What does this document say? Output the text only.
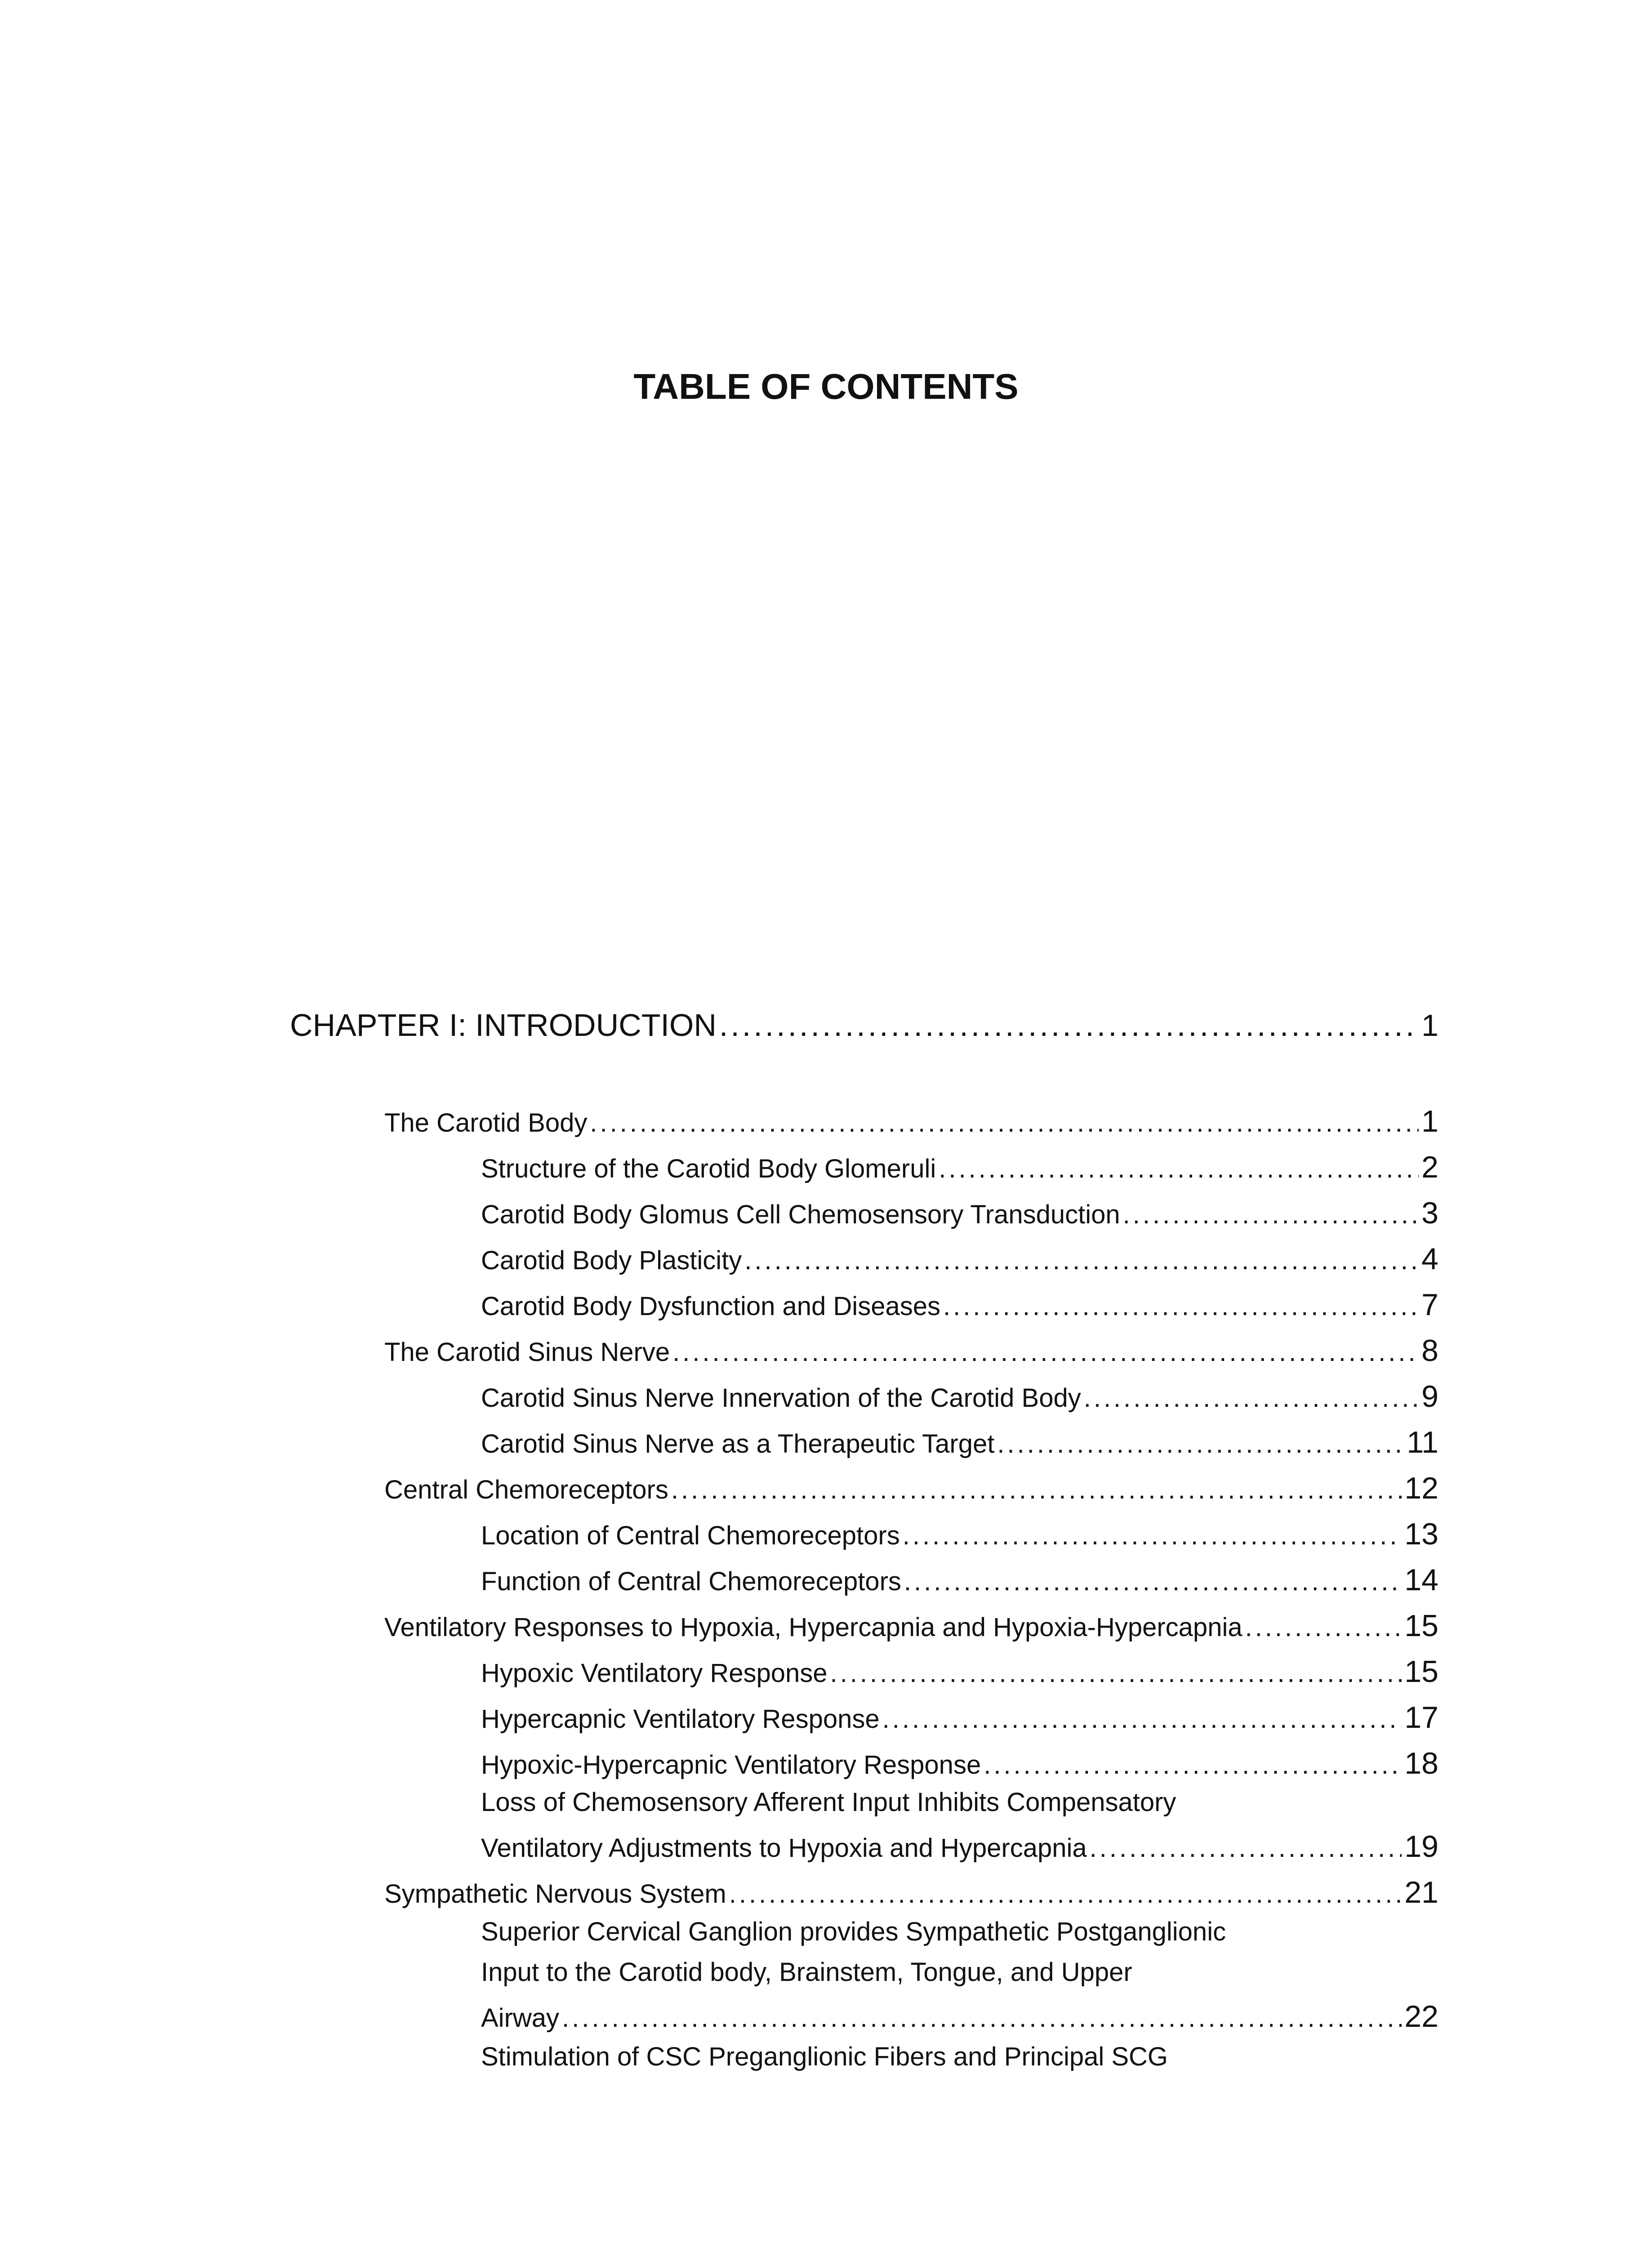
TABLE OF CONTENTS
CHAPTER I: INTRODUCTION .....	1
The Carotid Body .....	1
Structure of the Carotid Body Glomeruli .....	2
Carotid Body Glomus Cell Chemosensory Transduction .....	3
Carotid Body Plasticity .....	4
Carotid Body Dysfunction and Diseases .....	7
The Carotid Sinus Nerve .....	8
Carotid Sinus Nerve Innervation of the Carotid Body .....	9
Carotid Sinus Nerve as a Therapeutic Target .....	11
Central Chemoreceptors .....	12
Location of Central Chemoreceptors .....	13
Function of Central Chemoreceptors .....	14
Ventilatory Responses to Hypoxia, Hypercapnia and Hypoxia-Hypercapnia .....	15
Hypoxic Ventilatory Response .....	15
Hypercapnic Ventilatory Response .....	17
Hypoxic-Hypercapnic Ventilatory Response .....	18
Loss of Chemosensory Afferent Input Inhibits Compensatory
Ventilatory Adjustments to Hypoxia and Hypercapnia .....	19
Sympathetic Nervous System .....	21
Superior Cervical Ganglion provides Sympathetic Postganglionic
Input to the Carotid body, Brainstem, Tongue, and Upper
Airway .....	22
Stimulation of CSC Preganglionic Fibers and Principal SCG
